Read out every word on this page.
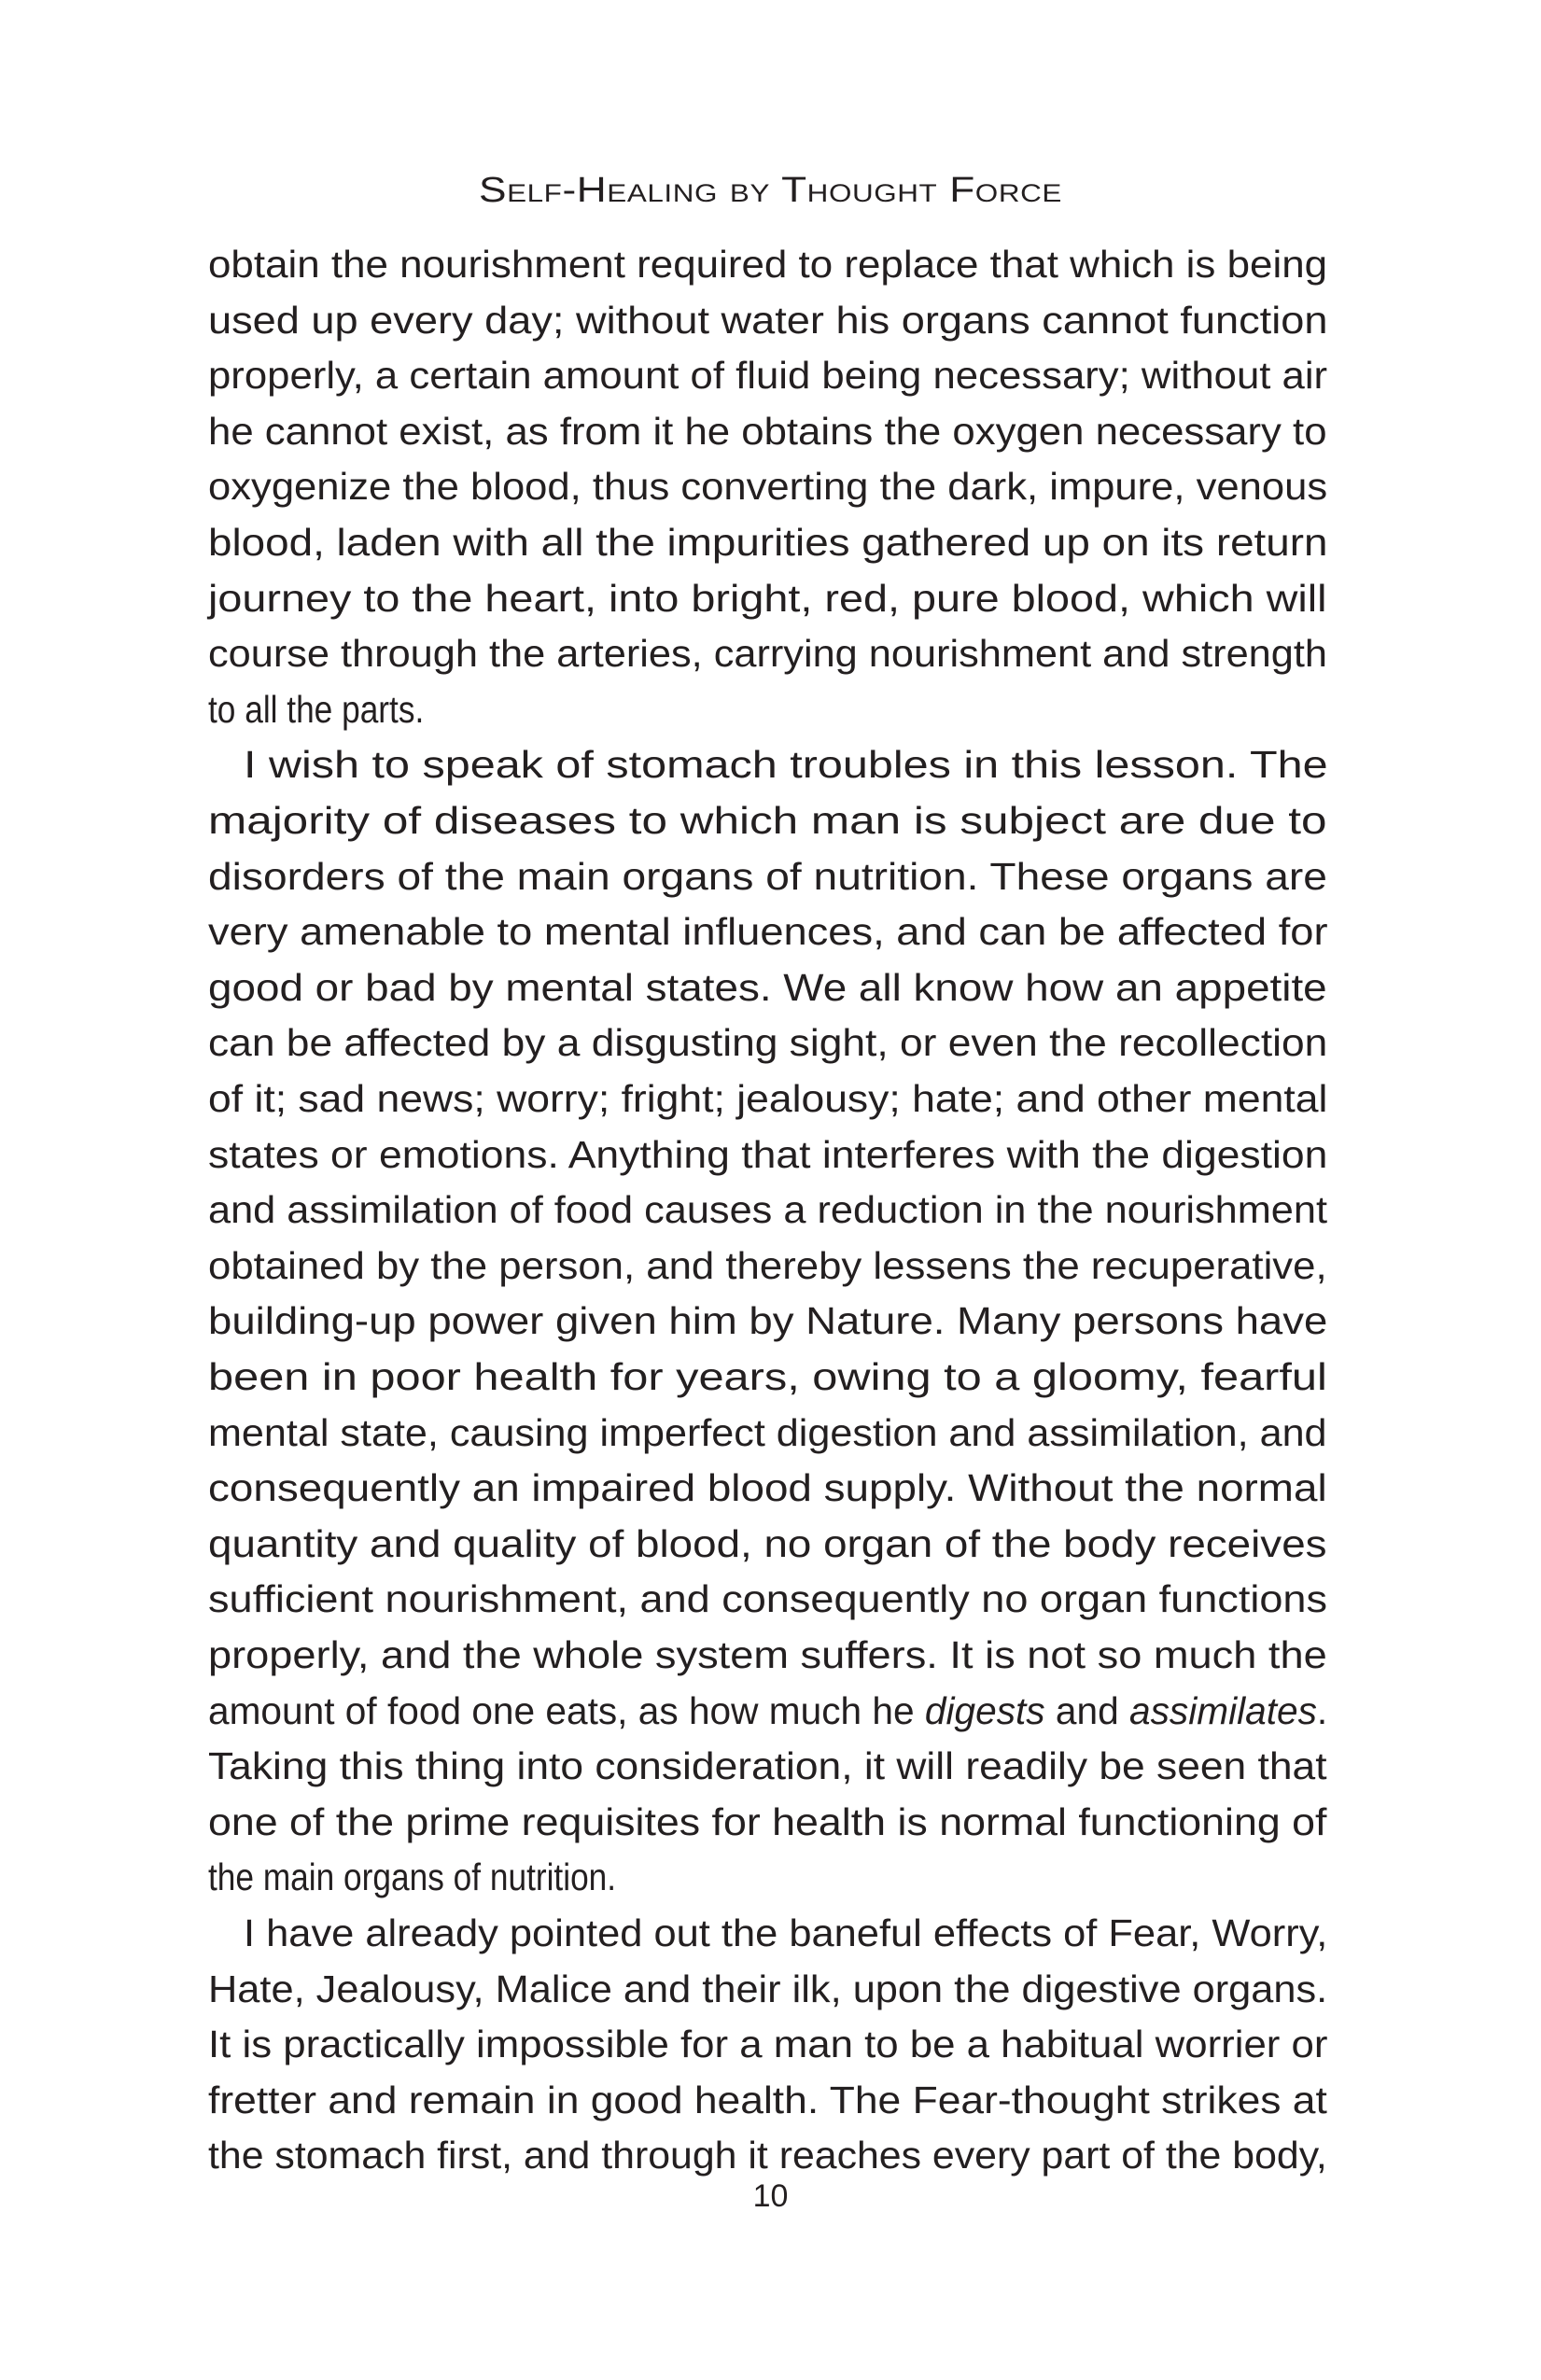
Self-Healing by Thought Force
obtain the nourishment required to replace that which is being
used up every day; without water his organs cannot function
properly, a certain amount of fluid being necessary; without air
he cannot exist, as from it he obtains the oxygen necessary to
oxygenize the blood, thus converting the dark, impure, venous
blood, laden with all the impurities gathered up on its return
journey to the heart, into bright, red, pure blood, which will
course through the arteries, carrying nourishment and strength
to all the parts.
I wish to speak of stomach troubles in this lesson. The
majority of diseases to which man is subject are due to
disorders of the main organs of nutrition. These organs are
very amenable to mental influences, and can be affected for
good or bad by mental states. We all know how an appetite
can be affected by a disgusting sight, or even the recollection
of it; sad news; worry; fright; jealousy; hate; and other mental
states or emotions. Anything that interferes with the digestion
and assimilation of food causes a reduction in the nourishment
obtained by the person, and thereby lessens the recuperative,
building-up power given him by Nature. Many persons have
been in poor health for years, owing to a gloomy, fearful
mental state, causing imperfect digestion and assimilation, and
consequently an impaired blood supply. Without the normal
quantity and quality of blood, no organ of the body receives
sufficient nourishment, and consequently no organ functions
properly, and the whole system suffers. It is not so much the
amount of food one eats, as how much he digests and assimilates.
Taking this thing into consideration, it will readily be seen that
one of the prime requisites for health is normal functioning of
the main organs of nutrition.
I have already pointed out the baneful effects of Fear, Worry,
Hate, Jealousy, Malice and their ilk, upon the digestive organs.
It is practically impossible for a man to be a habitual worrier or
fretter and remain in good health. The Fear-thought strikes at
the stomach first, and through it reaches every part of the body,
10
